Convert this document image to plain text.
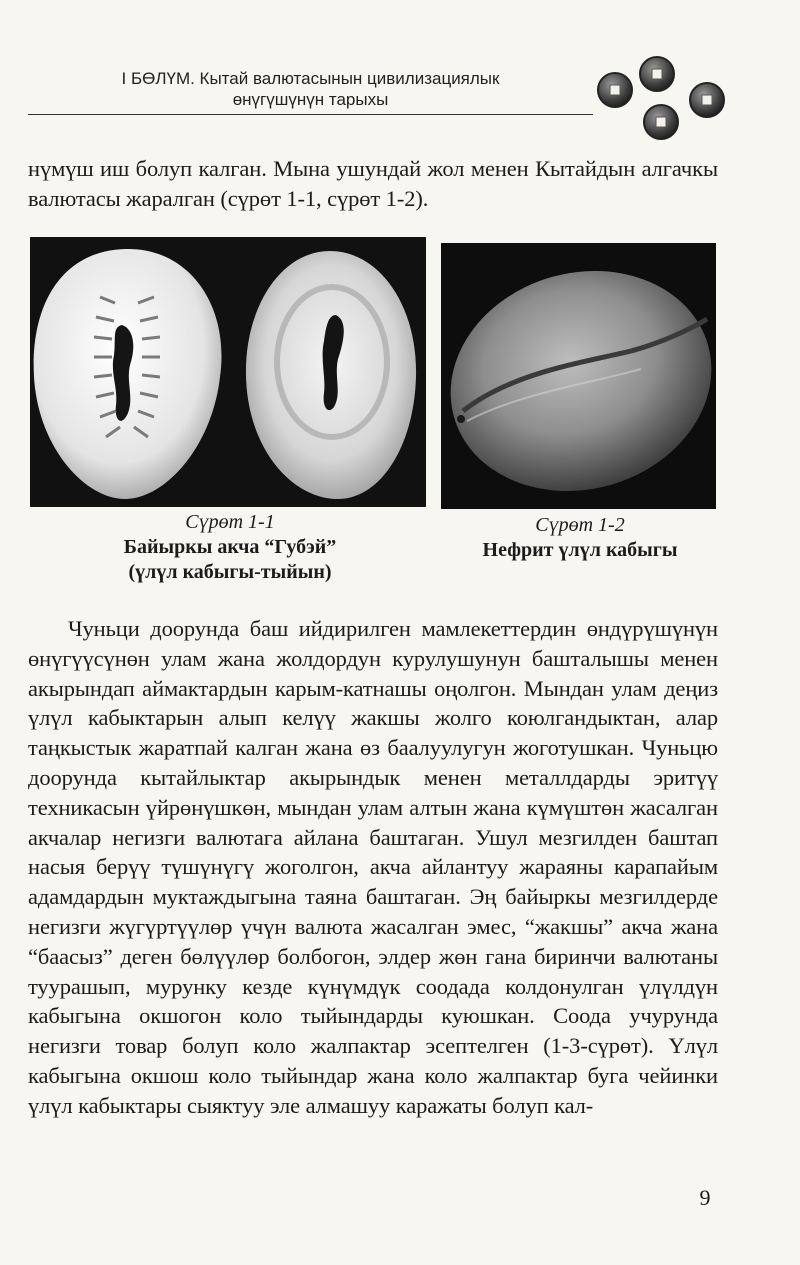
I БӨЛҮМ. Кытай валютасынын цивилизациялык
өнүгүшүнүн тарыхы
нүмүш иш болуп калган. Мына ушундай жол менен Кытайдын алгачкы валютасы жаралган (сүрөт 1-1, сүрөт 1-2).
Сүрөт 1-1
Байыркы акча “Губэй”
(үлүл кабыгы-тыйын)
Сүрөт 1-2
Нефрит үлүл кабыгы

Чуньци доорунда баш ийдирилген мамлекеттердин өндүрүшүнүн өнүгүүсүнөн улам жана жолдордун курулушунун башталышы менен акырындап аймактардын карым-катнашы оңолгон. Мындан улам деңиз үлүл кабыктарын алып келүү жакшы жолго коюлгандыктан, алар таңкыстык жаратпай калган жана өз баалуулугун жоготушкан. Чуньцю доорунда кытайлыктар акырындык менен металлдарды эритүү техникасын үйрөнүшкөн, мындан улам алтын жана күмүштөн жасалган акчалар негизги валютага айлана баштаган. Ушул мезгилден баштап насыя берүү түшүнүгү жоголгон, акча айлантуу жараяны карапайым адамдардын муктаждыгына таяна баштаган. Эң байыркы мезгилдерде негизги жүгүртүүлөр үчүн валюта жасалган эмес, “жакшы” акча жана “баасыз” деген бөлүүлөр болбогон, элдер жөн гана биринчи валютаны туурашып, мурунку кезде күнүмдүк соодада колдонулган үлүлдүн кабыгына окшогон коло тыйындарды куюшкан. Соода учурунда негизги товар болуп коло жалпактар эсептелген (1-3-сүрөт). Үлүл кабыгына окшош коло тыйындар жана коло жалпактар буга чейинки үлүл кабыктары сыяктуу эле алмашуу каражаты болуп кал-

9
